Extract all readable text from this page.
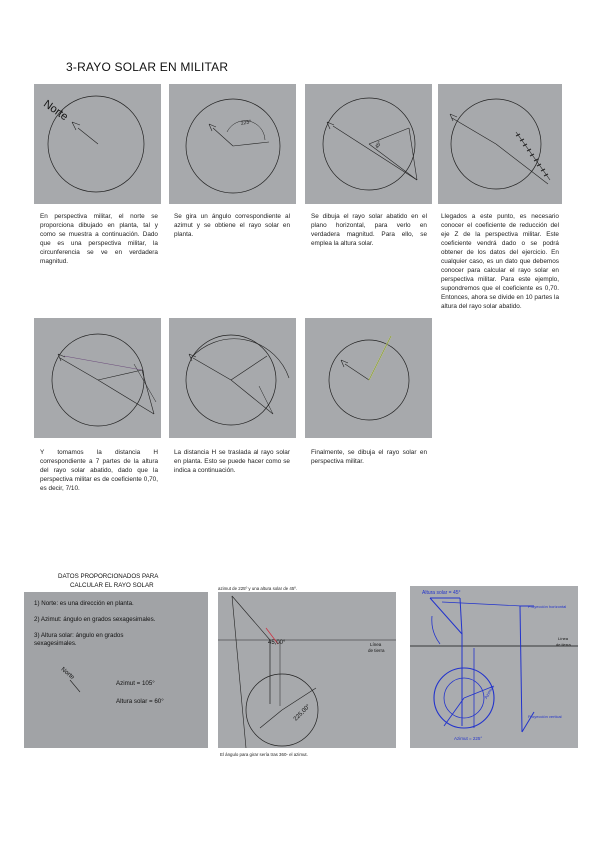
3-RAYO SOLAR EN MILITAR
Norte	225°
45°
En perspectiva militar, el norte se proporciona dibujado en planta, tal y como se muestra a continuación. Dado que es una perspectiva militar, la circunferencia se ve en verdadera magnitud.
Se gira un ángulo correspondiente al azimut y se obtiene el rayo solar en planta.
Se dibuja el rayo solar abatido en el plano horizontal, para verlo en verdadera magnitud. Para ello, se emplea la altura solar.
Llegados a este punto, es necesario conocer el coeficiente de reducción del eje Z de la perspectiva militar. Este coeficiente vendrá dado o se podrá obtener de los datos del ejercicio. En cualquier caso, es un dato que debemos conocer para calcular el rayo solar en perspectiva militar. Para este ejemplo, supondremos que el coeficiente es 0,70. Entonces, ahora se divide en 10 partes la altura del rayo solar abatido.
Y tomamos la distancia H correspondiente a 7 partes de la altura del rayo solar abatido, dado que la perspectiva militar es de coeficiente 0,70, es decir, 7/10.
La distancia H se traslada al rayo solar en planta. Esto se puede hacer como se indica a continuación.
Finalmente, se dibuja el rayo solar en perspectiva militar.
DATOS PROPORCIONADOS PARA
CALCULAR EL RAYO SOLAR
1) Norte: es una dirección en planta.
2) Azimut: ángulo en grados sexagesimales.
3) Altura solar: ángulo en grados
sexagesimales.
Norte
Azimut = 105°
Altura solar = 60°
azimut de 225º y una altura solar de 45º.
45,00°
225,00°
Línea
de tierra
El ángulo para girar sería tras 360- el azimut.
Altura solar = 45°
Proyección horizontal
Proyección vertical
Línea
de tierra
Azimut
Azimut = 225°
